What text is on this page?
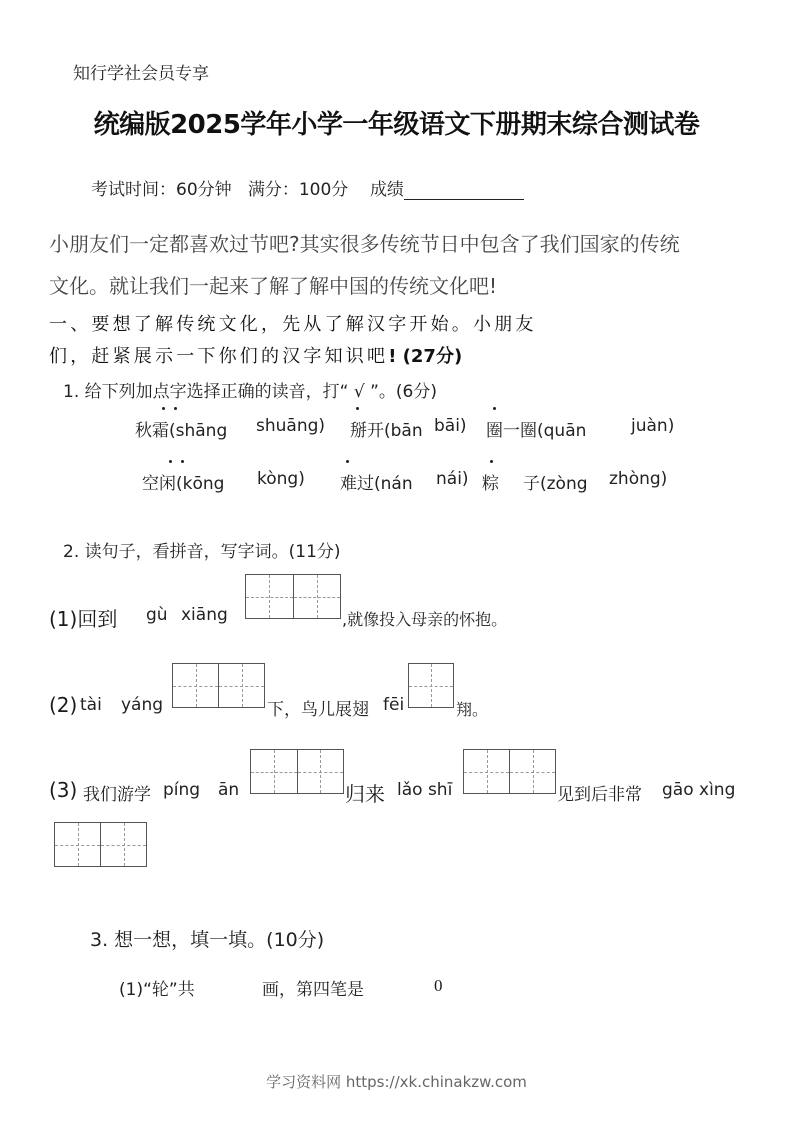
知行学社会员专享
统编版2025学年小学一年级语文下册期末综合测试卷
考试时间：60分钟 满分：100分 成绩
小朋友们一定都喜欢过节吧?其实很多传统节日中包含了我们国家的传统
文化。就让我们一起来了解了解中国的传统文化吧!
一、要想了解传统文化，先从了解汉字开始。小朋友
们，赶紧展示一下你们的汉字知识吧! (27分)
1. 给下列加点字选择正确的读音，打“ √ ”。(6分)
秋霜(shāng shuāng) 掰开(bān bāi) 圈一圈(quān	juàn)
空闲(kōng kòng) 难过(nán nái) 粽 子(zòng zhòng)
2. 读句子，看拼音，写字词。(11分)
(1)回到 gù xiāng	,就像投入母亲的怀抱。
(2) tài yáng	下，鸟儿展翅 fēi	翔。
(3) 我们游学 píng ān	归来 lǎo shī	见到后非常 gāo xìng
3. 想一想，填一填。(10分)
(1)“轮”共	画，第四笔是	0
学习资料网 https://xk.chinakzw.com
